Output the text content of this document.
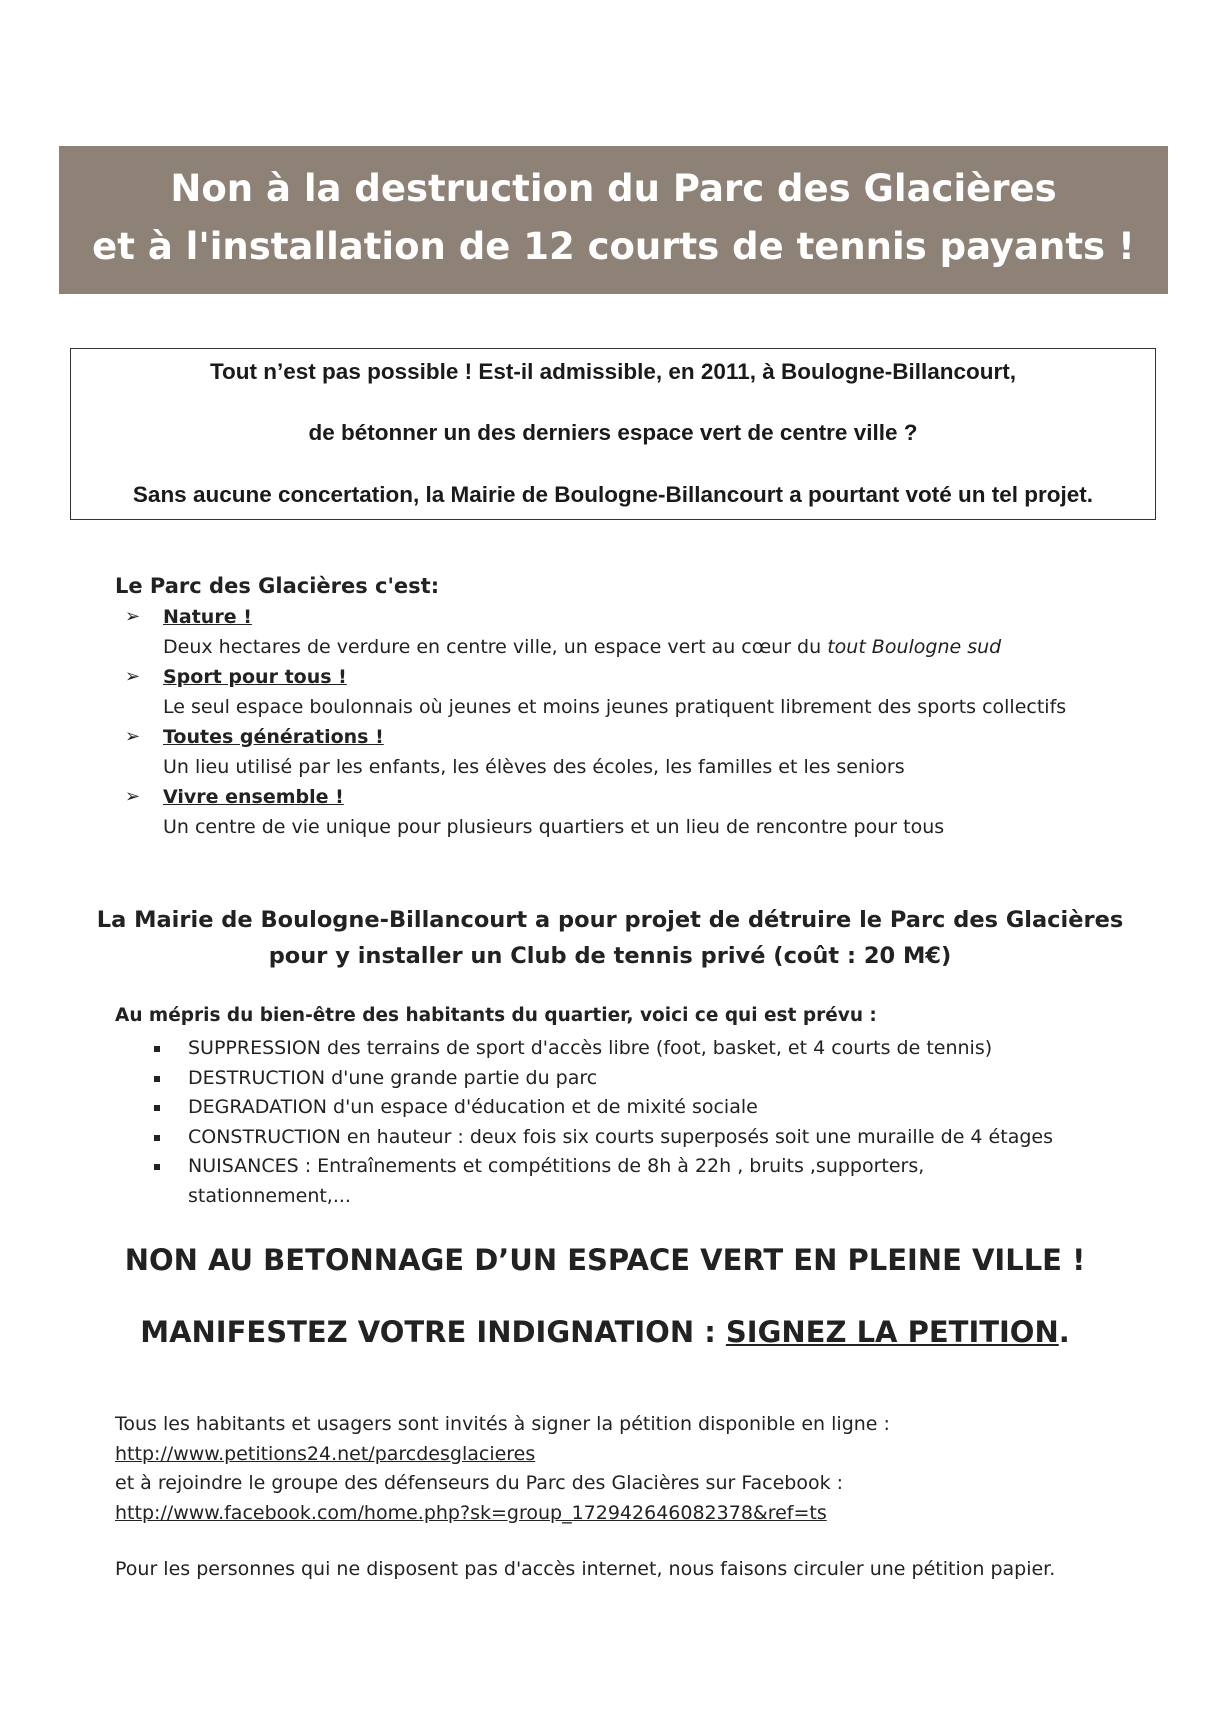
Non à la destruction du Parc des Glacières
et à l'installation de 12 courts de tennis payants !
Tout n’est pas possible ! Est-il admissible, en 2011, à Boulogne-Billancourt,
de bétonner un des derniers espace vert de centre ville ?
Sans aucune concertation, la Mairie de Boulogne-Billancourt a pourtant voté un tel projet.
Le Parc des Glacières c'est:
➢ Nature !
Deux hectares de verdure en centre ville, un espace vert au cœur du tout Boulogne sud
➢ Sport pour tous !
Le seul espace boulonnais où jeunes et moins jeunes pratiquent librement des sports collectifs
➢ Toutes générations !
Un lieu utilisé par les enfants, les élèves des écoles, les familles et les seniors
➢ Vivre ensemble !
Un centre de vie unique pour plusieurs quartiers et un lieu de rencontre pour tous
La Mairie de Boulogne-Billancourt a pour projet de détruire le Parc des Glacières
pour y installer un Club de tennis privé (coût : 20 M€)
Au mépris du bien-être des habitants du quartier, voici ce qui est prévu :
SUPPRESSION des terrains de sport d'accès libre (foot, basket, et 4 courts de tennis)
DESTRUCTION d'une grande partie du parc
DEGRADATION d'un espace d'éducation et de mixité sociale
CONSTRUCTION en hauteur : deux fois six courts superposés soit une muraille de 4 étages
NUISANCES : Entraînements et compétitions de 8h à 22h , bruits ,supporters,
stationnement,...
NON AU BETONNAGE D’UN ESPACE VERT EN PLEINE VILLE !
MANIFESTEZ VOTRE INDIGNATION : SIGNEZ LA PETITION.
Tous les habitants et usagers sont invités à signer la pétition disponible en ligne :
http://www.petitions24.net/parcdesglacieres
et à rejoindre le groupe des défenseurs du Parc des Glacières sur Facebook :
http://www.facebook.com/home.php?sk=group_172942646082378&ref=ts
Pour les personnes qui ne disposent pas d'accès internet, nous faisons circuler une pétition papier.
